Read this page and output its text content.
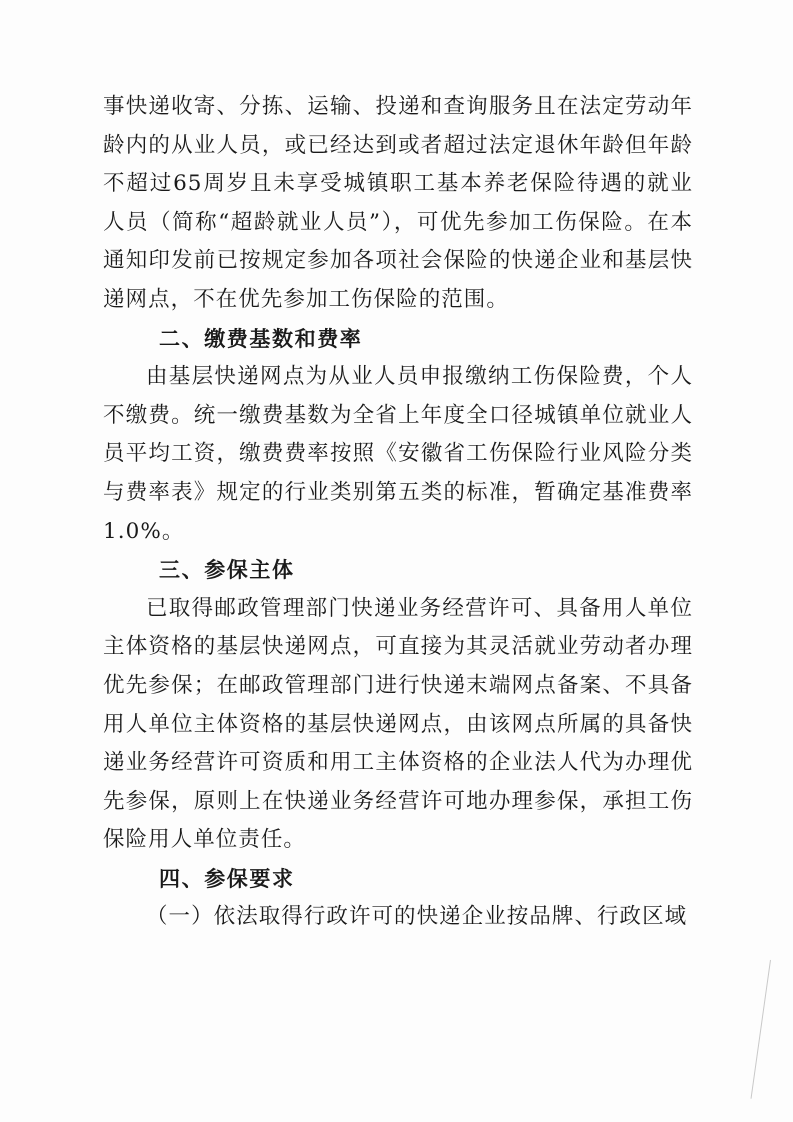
事快递收寄、分拣、运输、投递和查询服务且在法定劳动年龄内的从业人员，或已经达到或者超过法定退休年龄但年龄不超过65周岁且未享受城镇职工基本养老保险待遇的就业人员（简称“超龄就业人员”），可优先参加工伤保险。在本通知印发前已按规定参加各项社会保险的快递企业和基层快递网点，不在优先参加工伤保险的范围。

二、缴费基数和费率

由基层快递网点为从业人员申报缴纳工伤保险费，个人不缴费。统一缴费基数为全省上年度全口径城镇单位就业人员平均工资，缴费费率按照《安徽省工伤保险行业风险分类与费率表》规定的行业类别第五类的标准，暂确定基准费率1.0%。

三、参保主体

已取得邮政管理部门快递业务经营许可、具备用人单位主体资格的基层快递网点，可直接为其灵活就业劳动者办理优先参保；在邮政管理部门进行快递末端网点备案、不具备用人单位主体资格的基层快递网点，由该网点所属的具备快递业务经营许可资质和用工主体资格的企业法人代为办理优先参保，原则上在快递业务经营许可地办理参保，承担工伤保险用人单位责任。

四、参保要求

（一）依法取得行政许可的快递企业按品牌、行政区域
